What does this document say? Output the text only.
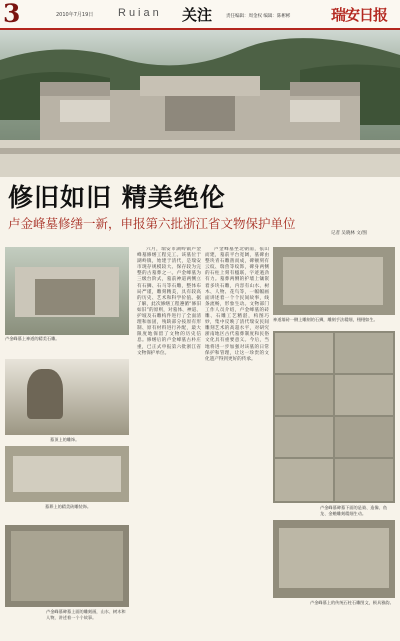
3	2010年7月19日 Ruian 关注	责任编辑：周金权 编辑：陈彬彬	瑞安日报
修旧如旧 精美绝伦
卢金峰墓修缮一新，申报第六批浙江省文物保护单位
记者 吴晓林 文/图
卢金峰墓上神道的精美石雕。
墓顶上的雕饰。
墓葬上的精美砖雕装饰。
卢金峰墓碑墓上面的雕刻画，山水、树木和人物，讲述着一个个故事。

六月，瑞安市湖岭镇卢金峰墓修缮工程完工。该墓位于湖岭镇，始建于清代，是瑞安市现存规模较大、保存较为完整的古墓葬之一。卢金峰墓为三级台阶式，墓前神道两侧立有石狮、石马等石雕，整体布局严谨，雕刻精美，具有较高的历史、艺术和科学价值。据了解，此次修缮工程遵循“修旧如旧”的原则，对墓体、神道、护坡及石雕构件进行了全面清理和加固，残缺部分按原有形制、原有材料进行补配，最大限度地保留了文物的历史信息。修缮后的卢金峰墓古朴庄重，已正式申报第六批浙江省文物保护单位。

卢金峰墓坐北朝南，依山而建，墓前平台宽阔，墓碑由整块青石雕凿而成，碑额刻有云纹、瑞兽等纹饰，碑身两侧的石柱上刻有楹联，字迹遒劲有力。墓葬两侧的护墙上镶嵌着多块石雕，内容有山水、树木、人物、花鸟等，一幅幅画面讲述着一个个民间故事，线条流畅，形象生动。文物部门工作人员介绍，卢金峰墓的砖雕、石雕工艺精湛，构图巧妙，集中反映了清代瑞安民间雕刻艺术的高超水平，对研究浙南地区古代墓葬制度和民俗文化具有重要意义。今后，当地将进一步加强对该墓的日常保护和管理，让这一珍贵的文化遗产得到更好的传承。

神道墙砖一侧上雕刻的石狮，雕刻手法精细，栩栩如生。
卢金峰墓碑墓下面的是骑、造像、鱼龙、金蟾雕刻精细生动。
卢金峰墓上的传统石柱石雕图文，极具雅韵。
